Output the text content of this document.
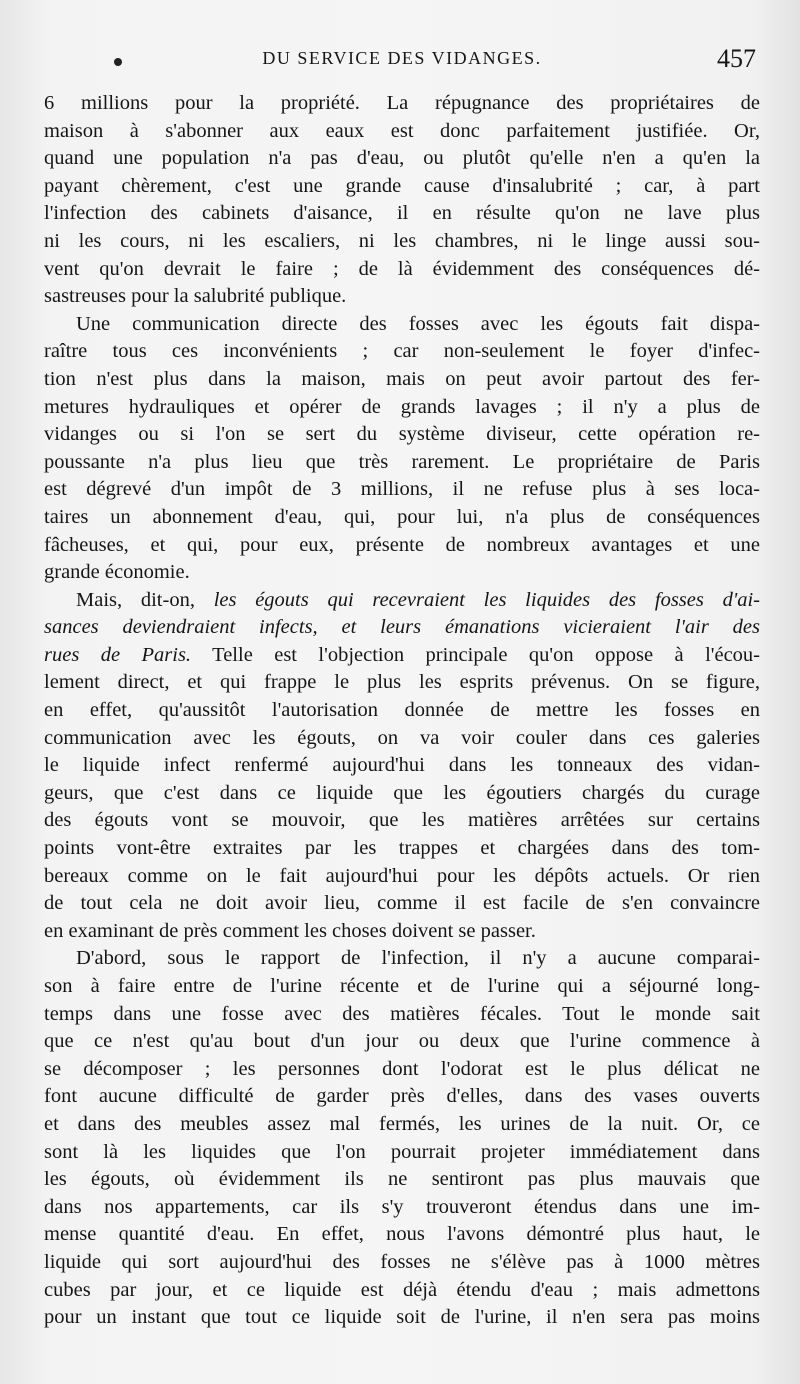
DU SERVICE DES VIDANGES.	457
6 millions pour la propriété. La répugnance des propriétaires de
maison à s'abonner aux eaux est donc parfaitement justifiée. Or,
quand une population n'a pas d'eau, ou plutôt qu'elle n'en a qu'en la
payant chèrement, c'est une grande cause d'insalubrité ; car, à part
l'infection des cabinets d'aisance, il en résulte qu'on ne lave plus
ni les cours, ni les escaliers, ni les chambres, ni le linge aussi sou-
vent qu'on devrait le faire ; de là évidemment des conséquences dé-
sastreuses pour la salubrité publique.
Une communication directe des fosses avec les égouts fait dispa-
raître tous ces inconvénients ; car non-seulement le foyer d'infec-
tion n'est plus dans la maison, mais on peut avoir partout des fer-
metures hydrauliques et opérer de grands lavages ; il n'y a plus de
vidanges ou si l'on se sert du système diviseur, cette opération re-
poussante n'a plus lieu que très rarement. Le propriétaire de Paris
est dégrevé d'un impôt de 3 millions, il ne refuse plus à ses loca-
taires un abonnement d'eau, qui, pour lui, n'a plus de conséquences
fâcheuses, et qui, pour eux, présente de nombreux avantages et une
grande économie.
Mais, dit-on, les égouts qui recevraient les liquides des fosses d'ai-
sances deviendraient infects, et leurs émanations vicieraient l'air des
rues de Paris. Telle est l'objection principale qu'on oppose à l'écou-
lement direct, et qui frappe le plus les esprits prévenus. On se figure,
en effet, qu'aussitôt l'autorisation donnée de mettre les fosses en
communication avec les égouts, on va voir couler dans ces galeries
le liquide infect renfermé aujourd'hui dans les tonneaux des vidan-
geurs, que c'est dans ce liquide que les égoutiers chargés du curage
des égouts vont se mouvoir, que les matières arrêtées sur certains
points vont-être extraites par les trappes et chargées dans des tom-
bereaux comme on le fait aujourd'hui pour les dépôts actuels. Or rien
de tout cela ne doit avoir lieu, comme il est facile de s'en convaincre
en examinant de près comment les choses doivent se passer.
D'abord, sous le rapport de l'infection, il n'y a aucune comparai-
son à faire entre de l'urine récente et de l'urine qui a séjourné long-
temps dans une fosse avec des matières fécales. Tout le monde sait
que ce n'est qu'au bout d'un jour ou deux que l'urine commence à
se décomposer ; les personnes dont l'odorat est le plus délicat ne
font aucune difficulté de garder près d'elles, dans des vases ouverts
et dans des meubles assez mal fermés, les urines de la nuit. Or, ce
sont là les liquides que l'on pourrait projeter immédiatement dans
les égouts, où évidemment ils ne sentiront pas plus mauvais que
dans nos appartements, car ils s'y trouveront étendus dans une im-
mense quantité d'eau. En effet, nous l'avons démontré plus haut, le
liquide qui sort aujourd'hui des fosses ne s'élève pas à 1000 mètres
cubes par jour, et ce liquide est déjà étendu d'eau ; mais admettons
pour un instant que tout ce liquide soit de l'urine, il n'en sera pas moins
